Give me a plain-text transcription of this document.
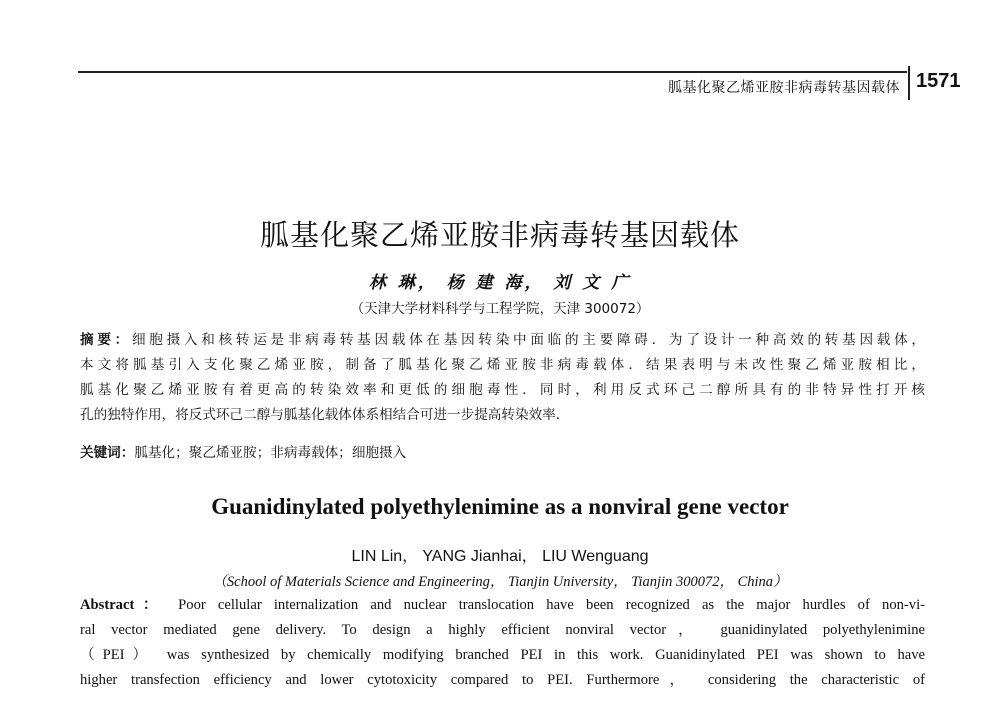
胍基化聚乙烯亚胺非病毒转基因载体 1571
胍基化聚乙烯亚胺非病毒转基因载体
林 琳， 杨 建 海， 刘 文 广
（天津大学材料科学与工程学院，天津 300072）
摘要：细胞摄入和核转运是非病毒转基因载体在基因转染中面临的主要障碍．为了设计一种高效的转基因载体，
本文将胍基引入支化聚乙烯亚胺，制备了胍基化聚乙烯亚胺非病毒载体．结果表明与未改性聚乙烯亚胺相比，
胍基化聚乙烯亚胺有着更高的转染效率和更低的细胞毒性．同时，利用反式环己二醇所具有的非特异性打开核
孔的独特作用，将反式环己二醇与胍基化载体体系相结合可进一步提高转染效率．
关键词：胍基化；聚乙烯亚胺；非病毒载体；细胞摄入
Guanidinylated polyethylenimine as a nonviral gene vector
LIN Lin， YANG Jianhai， LIU Wenguang
（School of Materials Science and Engineering， Tianjin University， Tianjin 300072， China）
Abstract： Poor cellular internalization and nuclear translocation have been recognized as the major hurdles of non-vi-
ral vector mediated gene delivery. To design a highly efficient nonviral vector， guanidinylated polyethylenimine
（PEI） was synthesized by chemically modifying branched PEI in this work. Guanidinylated PEI was shown to have
higher transfection efficiency and lower cytotoxicity compared to PEI. Furthermore， considering the characteristic of
